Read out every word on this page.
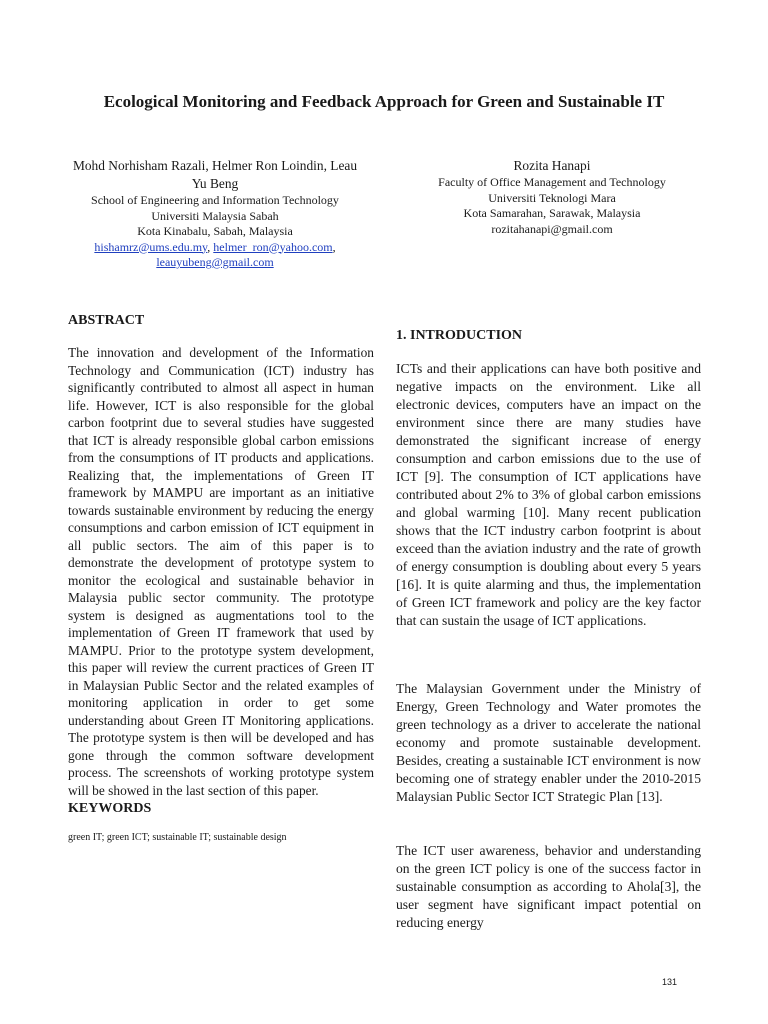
Ecological Monitoring and Feedback Approach for Green and Sustainable IT
Mohd Norhisham Razali, Helmer Ron Loindin, Leau
Yu Beng
School of Engineering and Information Technology
Universiti Malaysia Sabah
Kota Kinabalu, Sabah, Malaysia
hishamrz@ums.edu.my, helmer_ron@yahoo.com,
leauyubeng@gmail.com
Rozita Hanapi
Faculty of Office Management and Technology
Universiti Teknologi Mara
Kota Samarahan, Sarawak, Malaysia
rozitahanapi@gmail.com
ABSTRACT

The innovation and development of the Information Technology and Communication (ICT) industry has significantly contributed to almost all aspect in human life. However, ICT is also responsible for the global carbon footprint due to several studies have suggested that ICT is already responsible global carbon emissions from the consumptions of IT products and applications. Realizing that, the implementations of Green IT framework by MAMPU are important as an initiative towards sustainable environment by reducing the energy consumptions and carbon emission of ICT equipment in all public sectors. The aim of this paper is to demonstrate the development of prototype system to monitor the ecological and sustainable behavior in Malaysia public sector community. The prototype system is designed as augmentations tool to the implementation of Green IT framework that used by MAMPU. Prior to the prototype system development, this paper will review the current practices of Green IT in Malaysian Public Sector and the related examples of monitoring application in order to get some understanding about Green IT Monitoring applications. The prototype system is then will be developed and has gone through the common software development process. The screenshots of working prototype system will be showed in the last section of this paper.

KEYWORDS
green IT; green ICT; sustainable IT; sustainable design
1. INTRODUCTION

ICTs and their applications can have both positive and negative impacts on the environment. Like all electronic devices, computers have an impact on the environment since there are many studies have demonstrated the significant increase of energy consumption and carbon emissions due to the use of ICT [9]. The consumption of ICT applications have contributed about 2% to 3% of global carbon emissions and global warming [10]. Many recent publication shows that the ICT industry carbon footprint is about exceed than the aviation industry and the rate of growth of energy consumption is doubling about every 5 years [16]. It is quite alarming and thus, the implementation of Green ICT framework and policy are the key factor that can sustain the usage of ICT applications.

The Malaysian Government under the Ministry of Energy, Green Technology and Water promotes the green technology as a driver to accelerate the national economy and promote sustainable development. Besides, creating a sustainable ICT environment is now becoming one of strategy enabler under the 2010-2015 Malaysian Public Sector ICT Strategic Plan [13].

The ICT user awareness, behavior and understanding on the green ICT policy is one of the success factor in sustainable consumption as according to Ahola[3], the user segment have significant impact potential on reducing energy

131
